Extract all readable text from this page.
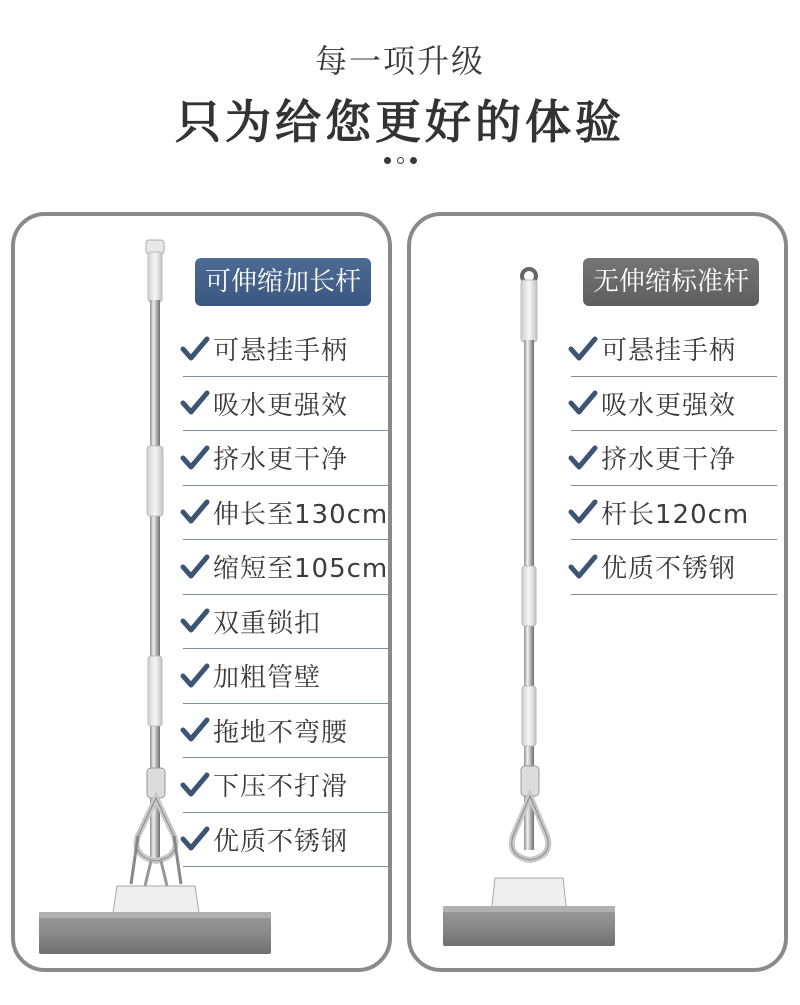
每一项升级
只为给您更好的体验

可伸缩加长杆
可悬挂手柄
吸水更强效
挤水更干净
伸长至130cm
缩短至105cm
双重锁扣
加粗管壁
拖地不弯腰
下压不打滑
优质不锈钢
无伸缩标准杆
可悬挂手柄
吸水更强效
挤水更干净
杆长120cm
优质不锈钢
